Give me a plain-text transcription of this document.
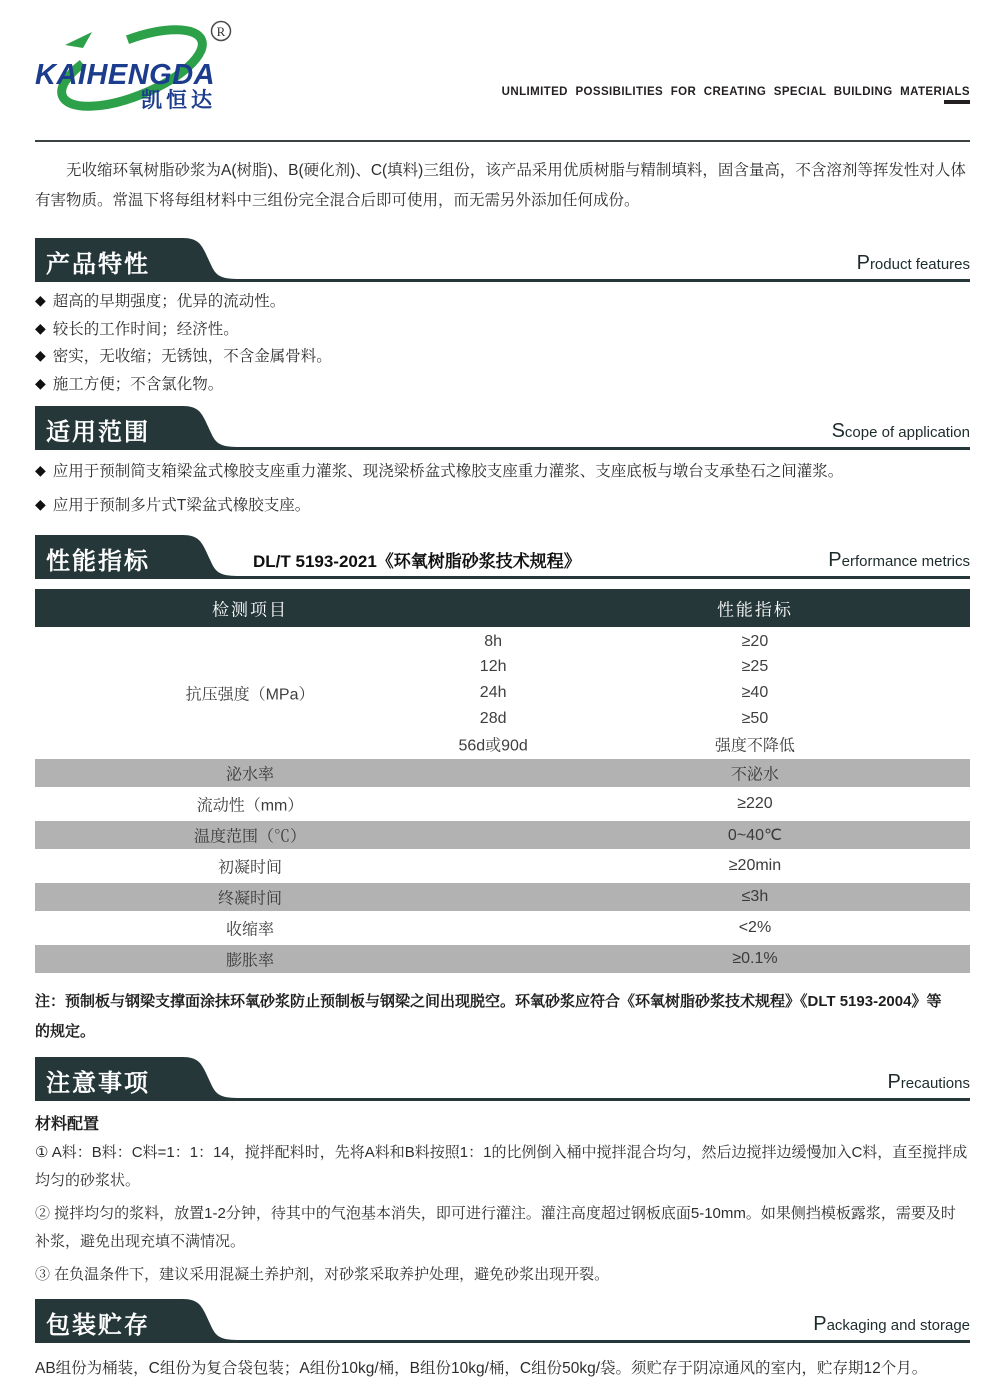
KAIHENGDA
凯恒达
R
UNLIMITED POSSIBILITIES FOR CREATING SPECIAL BUILDING MATERIALS

无收缩环氧树脂砂浆为A(树脂)、B(硬化剂)、C(填料)三组份，该产品采用优质树脂与精制填料，固含量高，不含溶剂等挥发性对人体有害物质。常温下将每组材料中三组份完全混合后即可使用，而无需另外添加任何成份。

产品特性	Product features
◆ 超高的早期强度；优异的流动性。
◆ 较长的工作时间；经济性。
◆ 密实，无收缩；无锈蚀，不含金属骨料。
◆ 施工方便；不含氯化物。
适用范围	Scope of application
◆ 应用于预制简支箱梁盆式橡胶支座重力灌浆、现浇梁桥盆式橡胶支座重力灌浆、支座底板与墩台支承垫石之间灌浆。
◆ 应用于预制多片式T梁盆式橡胶支座。
性能指标	DL/T 5193-2021《环氧树脂砂浆技术规程》	Performance metrics
检测项目	性能指标
抗压强度（MPa）
8h	≥20
12h	≥25
24h	≥40
28d	≥50
56d或90d	强度不降低
泌水率	不泌水
流动性（mm）	≥220
温度范围（℃）	0~40℃
初凝时间	≥20min
终凝时间	≤3h
收缩率	<2%
膨胀率	≥0.1%

注：预制板与钢梁支撑面涂抹环氧砂浆防止预制板与钢梁之间出现脱空。环氧砂浆应符合《环氧树脂砂浆技术规程》《DLT 5193-2004》等的规定。

注意事项	Precautions
材料配置

① A料：B料：C料=1：1：14，搅拌配料时，先将A料和B料按照1：1的比例倒入桶中搅拌混合均匀，然后边搅拌边缓慢加入C料，直至搅拌成均匀的砂浆状。

② 搅拌均匀的浆料，放置1-2分钟，待其中的气泡基本消失，即可进行灌注。灌注高度超过钢板底面5-10mm。如果侧挡模板露浆，需要及时补浆，避免出现充填不满情况。

③ 在负温条件下，建议采用混凝土养护剂，对砂浆采取养护处理，避免砂浆出现开裂。

包装贮存	Packaging and storage

AB组份为桶装，C组份为复合袋包装；A组份10kg/桶，B组份10kg/桶，C组份50kg/袋。须贮存于阴凉通风的室内，贮存期12个月。
